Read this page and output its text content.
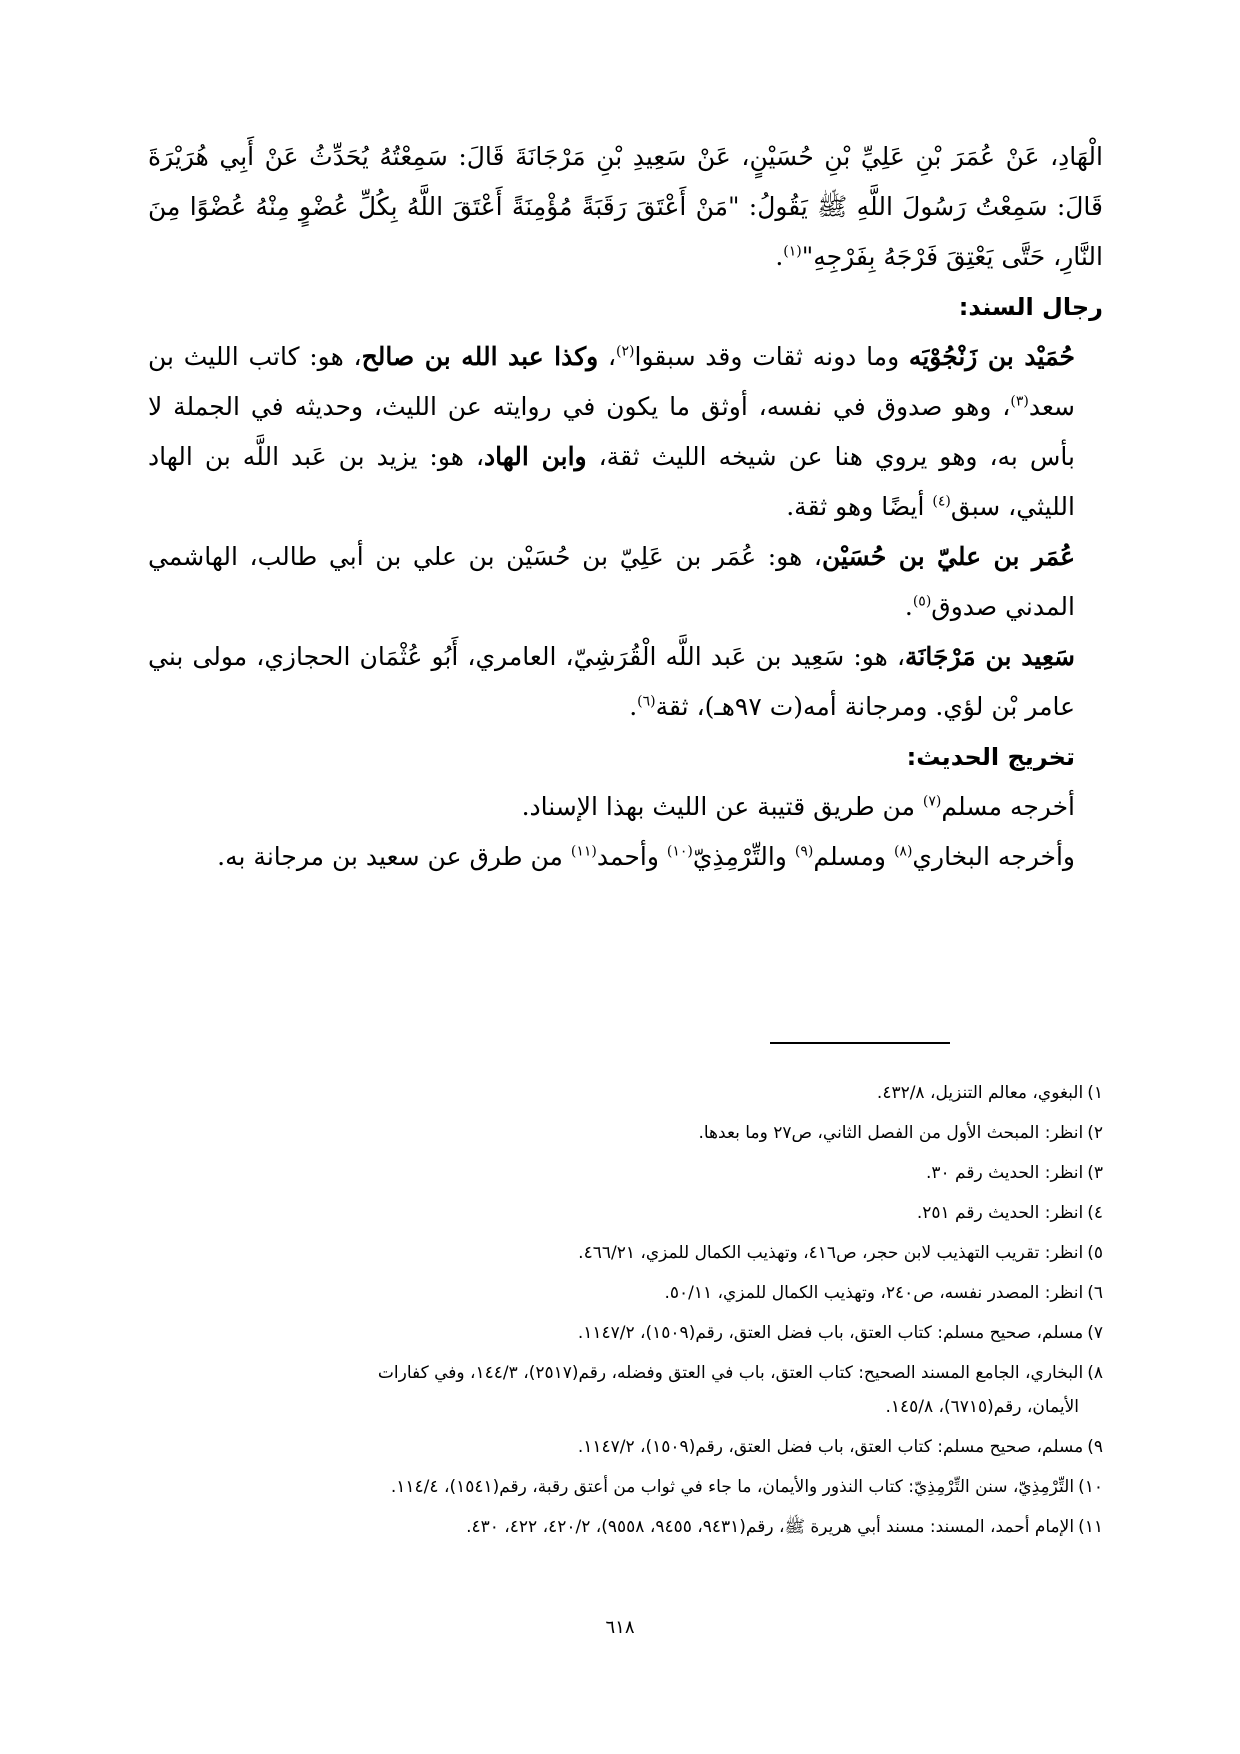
الْهَادِ، عَنْ عُمَرَ بْنِ عَلِيِّ بْنِ حُسَيْنٍ، عَنْ سَعِيدِ بْنِ مَرْجَانَةَ قَالَ: سَمِعْتُهُ يُحَدِّثُ عَنْ أَبِي هُرَيْرَةَ قَالَ: سَمِعْتُ رَسُولَ اللَّهِ ﷺ يَقُولُ: "مَنْ أَعْتَقَ رَقَبَةً مُؤْمِنَةً أَعْتَقَ اللَّهُ بِكُلِّ عُضْوٍ مِنْهُ عُضْوًا مِنَ النَّارِ، حَتَّى يَعْتِقَ فَرْجَهُ بِفَرْجِهِ"$^{(١)}$.

رجال السند:

حُمَيْد بن زَنْجُوْيَه وما دونه ثقات وقد سبقوا$^{(٢)}$، وكذا عبد الله بن صالح، هو: كاتب الليث بن سعد$^{(٣)}$، وهو صدوق في نفسه، أوثق ما يكون في روايته عن الليث، وحديثه في الجملة لا بأس به، وهو يروي هنا عن شيخه الليث ثقة، وابن الهاد، هو: يزيد بن عَبد اللَّه بن الهاد الليثي، سبق$^{(٤)}$ أيضًا وهو ثقة.

عُمَر بن عليّ بن حُسَيْن، هو: عُمَر بن عَلِيّ بن حُسَيْن بن علي بن أبي طالب، الهاشمي المدني صدوق$^{(٥)}$.

سَعِيد بن مَرْجَانَة، هو: سَعِيد بن عَبد اللَّه الْقُرَشِيّ، العامري، أَبُو عُثْمَان الحجازي، مولى بني عامر بْن لؤي. ومرجانة أمه(ت ٩٧هـ)، ثقة$^{(٦)}$.

تخريج الحديث:

أخرجه مسلم$^{(٧)}$ من طريق قتيبة عن الليث بهذا الإسناد.

وأخرجه البخاري$^{(٨)}$ ومسلم$^{(٩)}$ والتِّرْمِذِيّ$^{(١٠)}$ وأحمد$^{(١١)}$ من طرق عن سعيد بن مرجانة به.

١)البغوي، معالم التنزيل، ٤٣٢/٨.

٢)انظر: المبحث الأول من الفصل الثاني، ص٢٧ وما بعدها.

٣)انظر: الحديث رقم ٣٠.

٤)انظر: الحديث رقم ٢٥١.

٥)انظر: تقريب التهذيب لابن حجر، ص٤١٦، وتهذيب الكمال للمزي، ٤٦٦/٢١.

٦)انظر: المصدر نفسه، ص٢٤٠، وتهذيب الكمال للمزي، ٥٠/١١.

٧)مسلم، صحيح مسلم: كتاب العتق، باب فضل العتق، رقم(١٥٠٩)، ١١٤٧/٢.

٨)البخاري، الجامع المسند الصحيح: كتاب العتق، باب في العتق وفضله، رقم(٢٥١٧)، ١٤٤/٣، وفي كفارات
الأيمان، رقم(٦٧١٥)، ١٤٥/٨.

٩)مسلم، صحيح مسلم: كتاب العتق، باب فضل العتق، رقم(١٥٠٩)، ١١٤٧/٢.

١٠)التِّرْمِذِيّ، سنن التِّرْمِذِيّ: كتاب النذور والأيمان، ما جاء في ثواب من أعتق رقبة، رقم(١٥٤١)، ١١٤/٤.

١١)الإمام أحمد، المسند: مسند أبي هريرة ﷺ، رقم(٩٤٣١، ٩٤٥٥، ٩٥٥٨)، ٤٢٠/٢، ٤٢٢، ٤٣٠.

٦١٨
